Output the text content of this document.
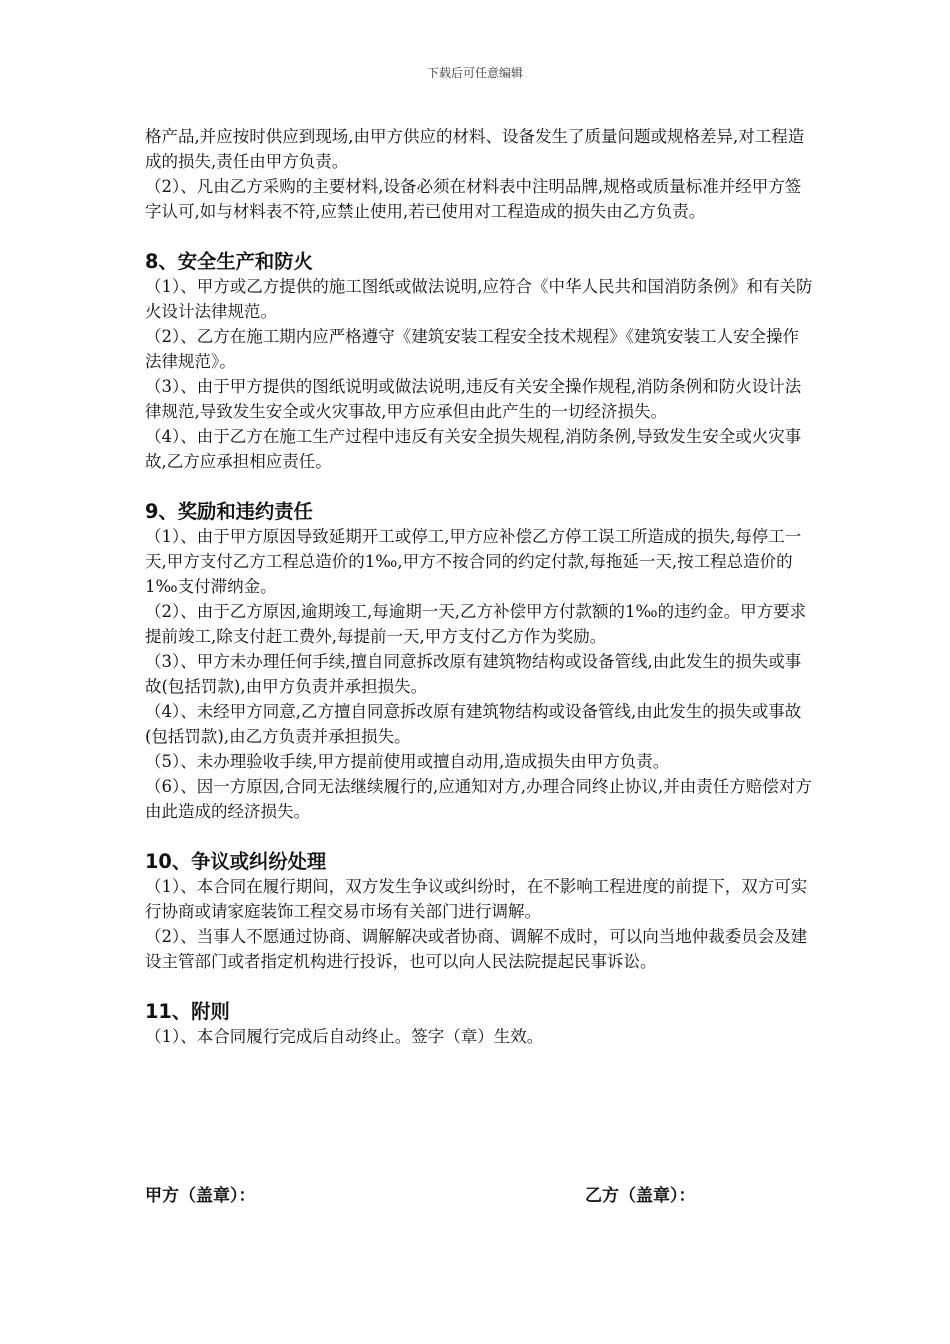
下载后可任意编辑

格产品,并应按时供应到现场,由甲方供应的材料、设备发生了质量问题或规格差异,对工程造成的损失,责任由甲方负责。

（2）、凡由乙方采购的主要材料,设备必须在材料表中注明品牌,规格或质量标准并经甲方签字认可,如与材料表不符,应禁止使用,若已使用对工程造成的损失由乙方负责。

8、安全生产和防火

（1）、甲方或乙方提供的施工图纸或做法说明,应符合《中华人民共和国消防条例》和有关防火设计法律规范。

（2）、乙方在施工期内应严格遵守《建筑安装工程安全技术规程》《建筑安装工人安全操作法律规范》。

（3）、由于甲方提供的图纸说明或做法说明,违反有关安全操作规程,消防条例和防火设计法律规范,导致发生安全或火灾事故,甲方应承但由此产生的一切经济损失。

（4）、由于乙方在施工生产过程中违反有关安全损失规程,消防条例,导致发生安全或火灾事故,乙方应承担相应责任。

9、奖励和违约责任

（1）、由于甲方原因导致延期开工或停工,甲方应补偿乙方停工误工所造成的损失,每停工一天,甲方支付乙方工程总造价的1‰,甲方不按合同的约定付款,每拖延一天,按工程总造价的1‰支付滞纳金。

（2）、由于乙方原因,逾期竣工,每逾期一天,乙方补偿甲方付款额的1‰的违约金。甲方要求提前竣工,除支付赶工费外,每提前一天,甲方支付乙方作为奖励。

（3）、甲方未办理任何手续,擅自同意拆改原有建筑物结构或设备管线,由此发生的损失或事故(包括罚款),由甲方负责并承担损失。

（4）、未经甲方同意,乙方擅自同意拆改原有建筑物结构或设备管线,由此发生的损失或事故(包括罚款),由乙方负责并承担损失。

（5）、未办理验收手续,甲方提前使用或擅自动用,造成损失由甲方负责。

（6）、因一方原因,合同无法继续履行的,应通知对方,办理合同终止协议,并由责任方赔偿对方由此造成的经济损失。

10、争议或纠纷处理

（1）、本合同在履行期间，双方发生争议或纠纷时，在不影响工程进度的前提下，双方可实行协商或请家庭装饰工程交易市场有关部门进行调解。

（2）、当事人不愿通过协商、调解解决或者协商、调解不成时，可以向当地仲裁委员会及建设主管部门或者指定机构进行投诉，也可以向人民法院提起民事诉讼。

11、附则

（1）、本合同履行完成后自动终止。签字（章）生效。

甲方（盖章）：	乙方（盖章）：
